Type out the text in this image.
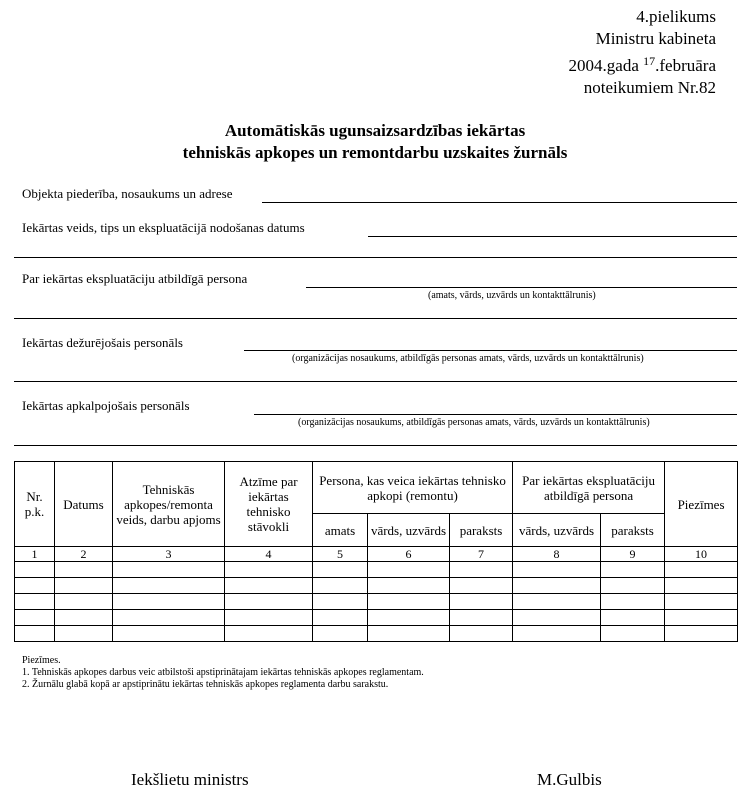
4.pielikums
Ministru kabineta
2004.gada $^{17}$.februāra
noteikumiem Nr.82
Automātiskās ugunsaizsardzības iekārtas
tehniskās apkopes un remontdarbu uzskaites žurnāls
Objekta piederība, nosaukums un adrese
Iekārtas veids, tips un ekspluatācijā nodošanas datums
Par iekārtas ekspluatāciju atbildīgā persona
(amats, vārds, uzvārds un kontakttālrunis)
Iekārtas dežurējošais personāls
(organizācijas nosaukums, atbildīgās personas amats, vārds, uzvārds un kontakttālrunis)
Iekārtas apkalpojošais personāls
(organizācijas nosaukums, atbildīgās personas amats, vārds, uzvārds un kontakttālrunis)
Nr. p.k.	Datums	Tehniskās apkopes/remonta veids, darbu apjoms	Atzīme par iekārtas tehnisko stāvokli	Persona, kas veica iekārtas tehnisko apkopi (remontu)			Par iekārtas ekspluatāciju atbildīgā persona		Piezīmes
				amats	vārds, uzvārds	paraksts	vārds, uzvārds	paraksts	
1	2	3	4	5	6	7	8	9	10

Piezīmes.
1. Tehniskās apkopes darbus veic atbilstoši apstiprinātajam iekārtas tehniskās apkopes reglamentam.
2. Žurnālu glabā kopā ar apstiprinātu iekārtas tehniskās apkopes reglamenta darbu sarakstu.
Iekšlietu ministrs	M.Gulbis
